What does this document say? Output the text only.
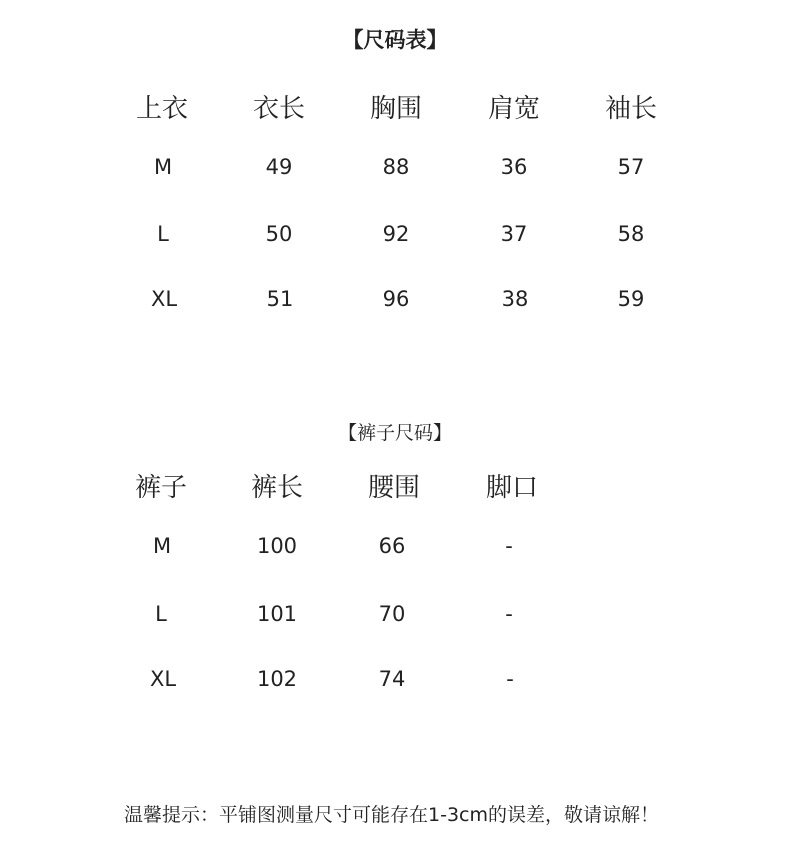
【尺码表】
上衣	衣长	胸围	肩宽	袖长
M	49	88	36	57
L	50	92	37	58
XL	51	96	38	59
【裤子尺码】
裤子	裤长	腰围	脚口
M	100	66	-
L	101	70	-
XL	102	74	-
温馨提示：平铺图测量尺寸可能存在1-3cm的误差，敬请谅解！
